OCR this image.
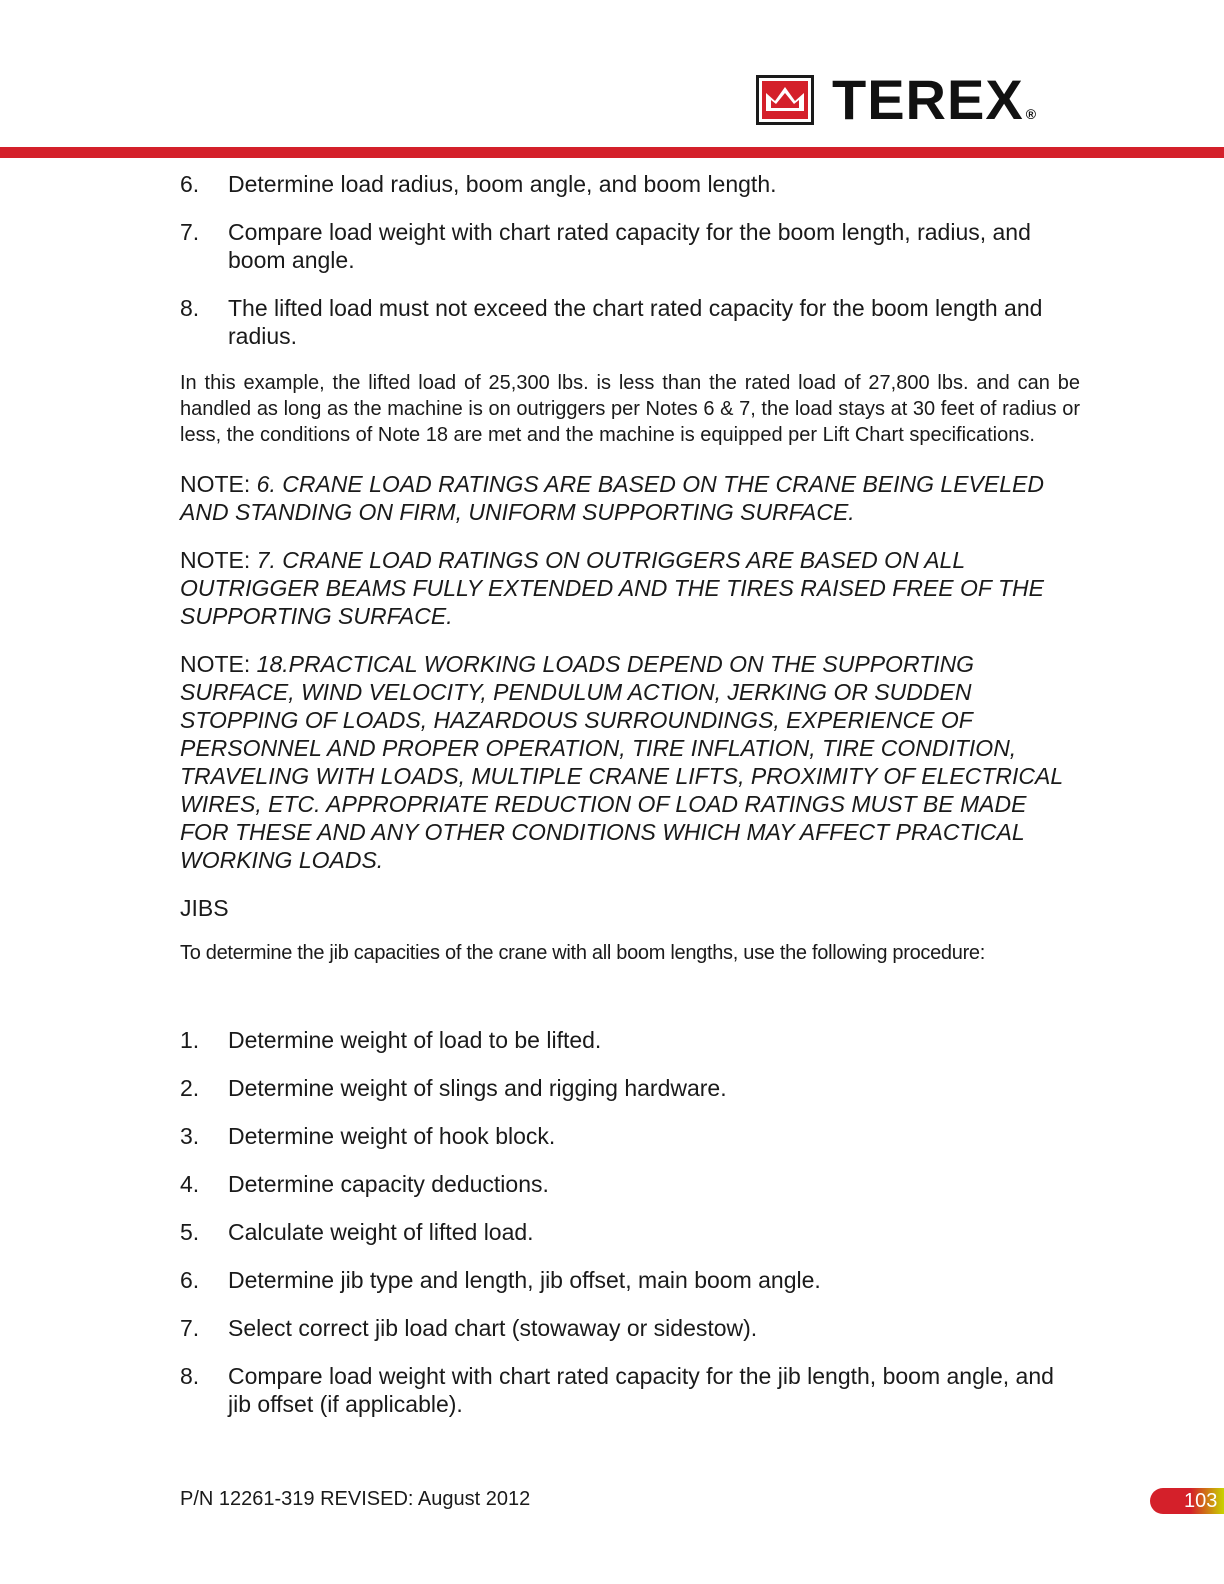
TEREX ®
6.	Determine load radius, boom angle, and boom length.
7.	Compare load weight with chart rated capacity for the boom length, radius, and boom angle.
8.	The lifted load must not exceed the chart rated capacity for the boom length and radius.

In this example, the lifted load of 25,300 lbs. is less than the rated load of 27,800 lbs. and can be handled as long as the machine is on outriggers per Notes 6 & 7, the load stays at 30 feet of radius or less, the conditions of Note 18 are met and the machine is equipped per Lift Chart specifications.

NOTE: 6. CRANE LOAD RATINGS ARE BASED ON THE CRANE BEING LEVELED AND STANDING ON FIRM, UNIFORM SUPPORTING SURFACE.

NOTE: 7. CRANE LOAD RATINGS ON OUTRIGGERS ARE BASED ON ALL OUTRIGGER BEAMS FULLY EXTENDED AND THE TIRES RAISED FREE OF THE SUPPORTING SURFACE.

NOTE: 18.PRACTICAL WORKING LOADS DEPEND ON THE SUPPORTING SURFACE, WIND VELOCITY, PENDULUM ACTION, JERKING OR SUDDEN STOPPING OF LOADS, HAZARDOUS SURROUNDINGS, EXPERIENCE OF PERSONNEL AND PROPER OPERATION, TIRE INFLATION, TIRE CONDITION, TRAVELING WITH LOADS, MULTIPLE CRANE LIFTS, PROXIMITY OF ELECTRICAL WIRES, ETC. APPROPRIATE REDUCTION OF LOAD RATINGS MUST BE MADE FOR THESE AND ANY OTHER CONDITIONS WHICH MAY AFFECT PRACTICAL WORKING LOADS.

JIBS
To determine the jib capacities of the crane with all boom lengths, use the following procedure:
1.	Determine weight of load to be lifted.
2.	Determine weight of slings and rigging hardware.
3.	Determine weight of hook block.
4.	Determine capacity deductions.
5.	Calculate weight of lifted load.
6.	Determine jib type and length, jib offset, main boom angle.
7.	Select correct jib load chart (stowaway or sidestow).
8.	Compare load weight with chart rated capacity for the jib length, boom angle, and jib offset (if applicable).
P/N 12261-319 REVISED: August 2012	103
